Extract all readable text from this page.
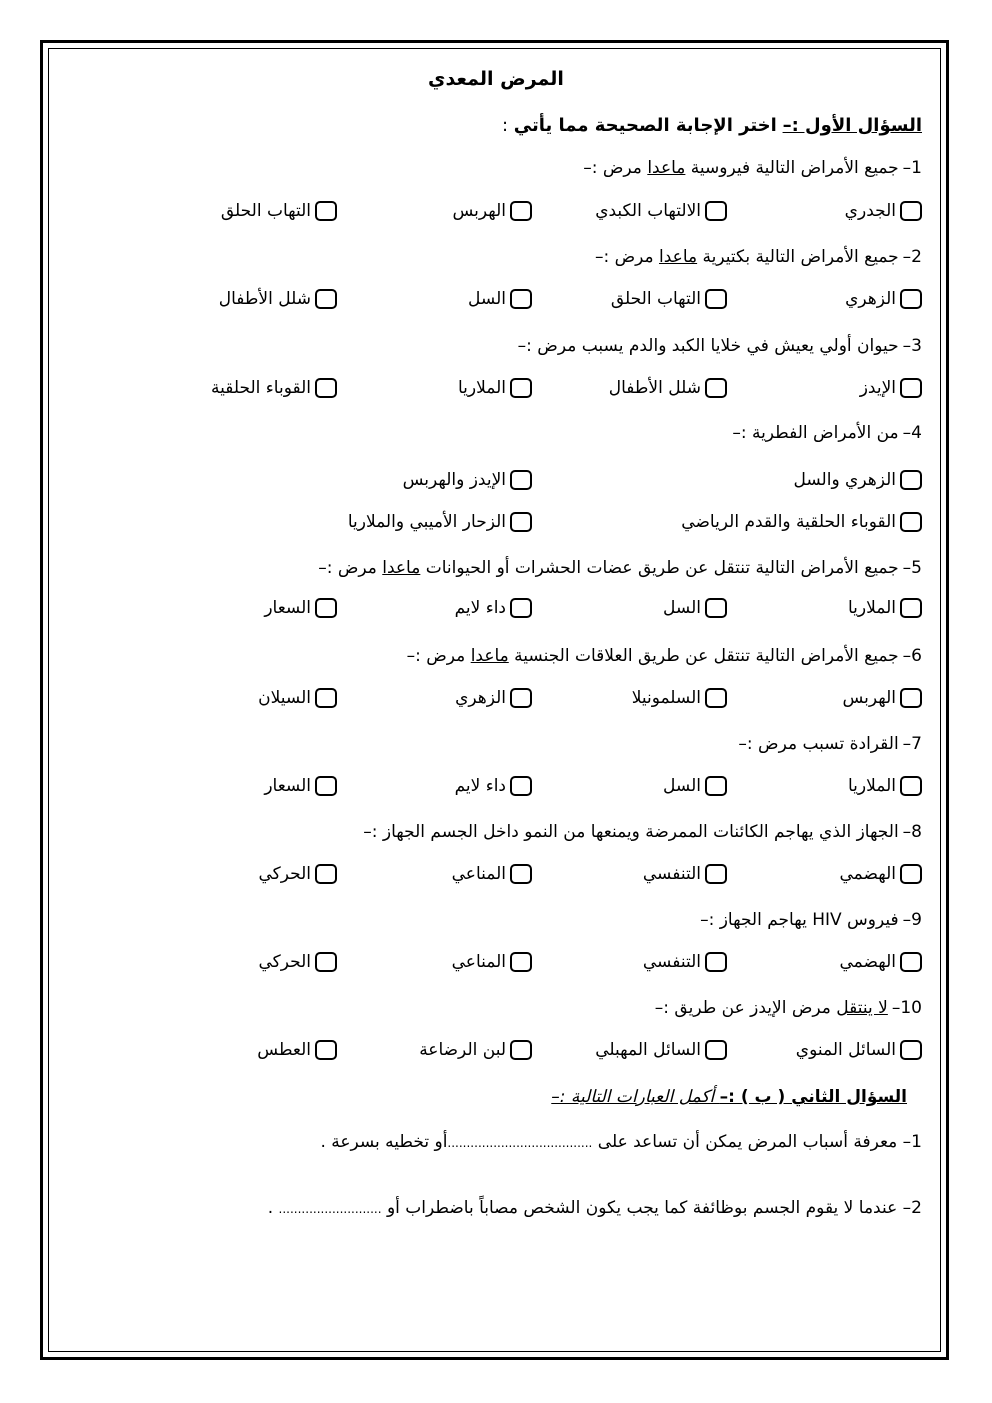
المرض المعدي
السؤال الأول :– اختر الإجابة الصحيحة مما يأتي :
1–جميع الأمراض التالية فيروسية ماعدا مرض :–
الجدري
الالتهاب الكبدي
الهربس
التهاب الحلق
2–جميع الأمراض التالية بكتيرية ماعدا مرض :–
الزهري
التهاب الحلق
السل
شلل الأطفال
3–حيوان أولي يعيش في خلايا الكبد والدم يسبب مرض :–
الإيدز
شلل الأطفال
الملاريا
القوباء الحلقية
4–من الأمراض الفطرية :–
الزهري والسل
الإيدز والهربس
القوباء الحلقية والقدم الرياضي
الزحار الأميبي والملاريا
5–جميع الأمراض التالية تنتقل عن طريق عضات الحشرات أو الحيوانات ماعدا مرض :–
الملاريا
السل
داء لايم
السعار
6–جميع الأمراض التالية تنتقل عن طريق العلاقات الجنسية ماعدا مرض :–
الهربس
السلمونيلا
الزهري
السيلان
7–القرادة تسبب مرض :–
الملاريا
السل
داء لايم
السعار
8–الجهاز الذي يهاجم الكائنات الممرضة ويمنعها من النمو داخل الجسم الجهاز :–
الهضمي
التنفسي
المناعي
الحركي
9–فيروس HIV يهاجم الجهاز :–
الهضمي
التنفسي
المناعي
الحركي
10–لا ينتقل مرض الإيدز عن طريق :–
السائل المنوي
السائل المهبلي
لبن الرضاعة
العطس
السؤال الثاني ( ب ) :– أكمل العبارات التالية :–
1– معرفة أسباب المرض يمكن أن تساعد على ......................................أو تخطيه بسرعة .
2– عندما لا يقوم الجسم بوظائفة كما يجب يكون الشخص مصاباً باضطراب أو ........................... .
